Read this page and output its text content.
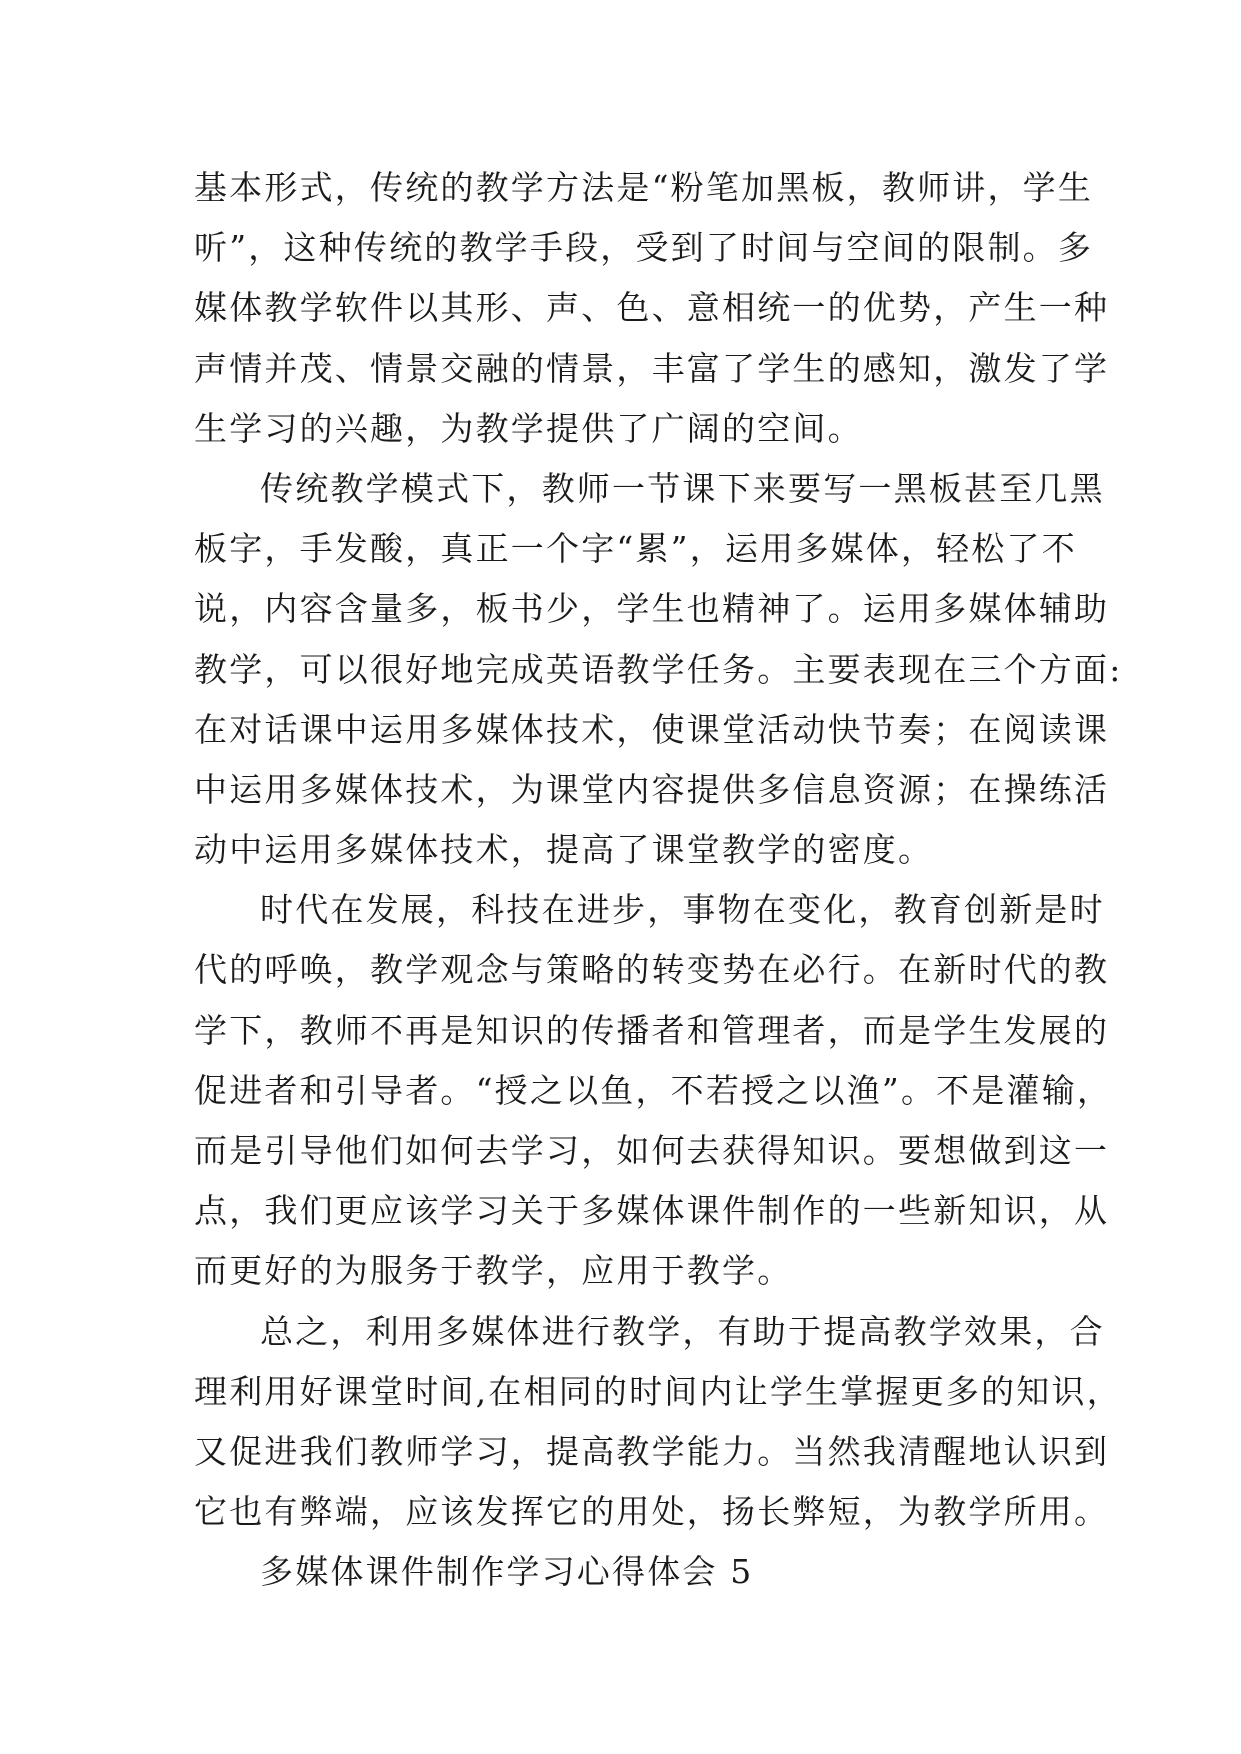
基本形式，传统的教学方法是“粉笔加黑板，教师讲，学生
听”，这种传统的教学手段，受到了时间与空间的限制。多
媒体教学软件以其形、声、色、意相统一的优势，产生一种
声情并茂、情景交融的情景，丰富了学生的感知，激发了学
生学习的兴趣，为教学提供了广阔的空间。
传统教学模式下，教师一节课下来要写一黑板甚至几黑
板字，手发酸，真正一个字“累”，运用多媒体，轻松了不
说，内容含量多，板书少，学生也精神了。运用多媒体辅助
教学，可以很好地完成英语教学任务。主要表现在三个方面:
在对话课中运用多媒体技术，使课堂活动快节奏；在阅读课
中运用多媒体技术，为课堂内容提供多信息资源；在操练活
动中运用多媒体技术，提高了课堂教学的密度。
时代在发展，科技在进步，事物在变化，教育创新是时
代的呼唤，教学观念与策略的转变势在必行。在新时代的教
学下，教师不再是知识的传播者和管理者，而是学生发展的
促进者和引导者。“授之以鱼，不若授之以渔”。不是灌输，
而是引导他们如何去学习，如何去获得知识。要想做到这一
点，我们更应该学习关于多媒体课件制作的一些新知识，从
而更好的为服务于教学，应用于教学。
总之，利用多媒体进行教学，有助于提高教学效果，合
理利用好课堂时间,在相同的时间内让学生掌握更多的知识，
又促进我们教师学习，提高教学能力。当然我清醒地认识到
它也有弊端，应该发挥它的用处，扬长弊短，为教学所用。
多媒体课件制作学习心得体会 5
